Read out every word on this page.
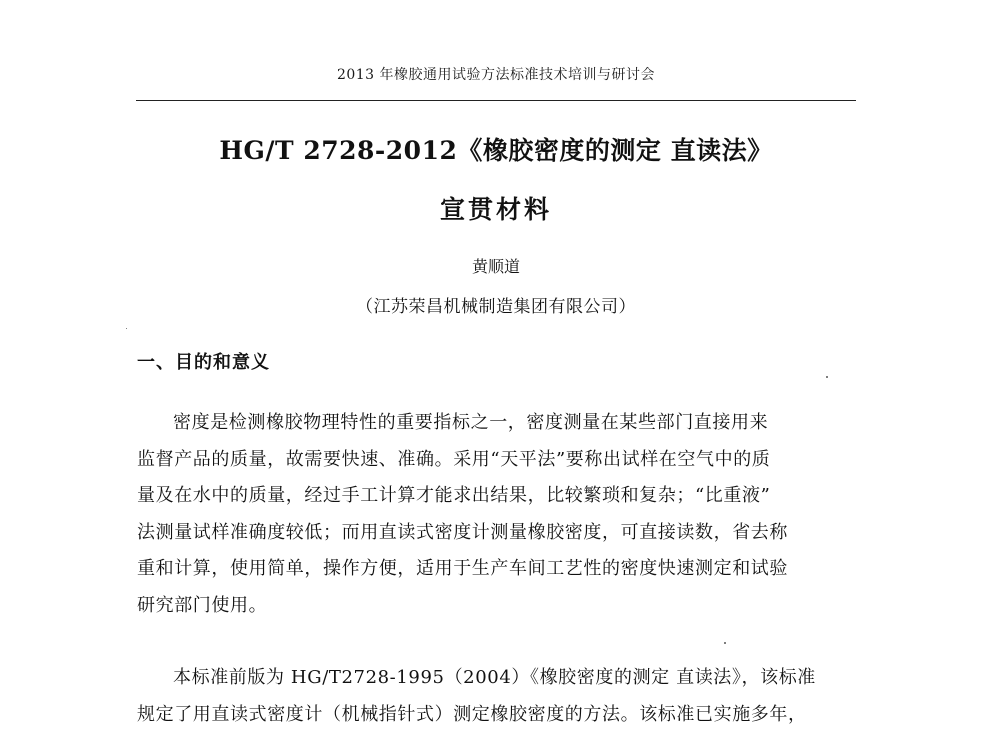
2013 年橡胶通用试验方法标准技术培训与研讨会
HG/T 2728-2012《橡胶密度的测定 直读法》
宣贯材料
黄顺道
（江苏荣昌机械制造集团有限公司）
一、目的和意义
密度是检测橡胶物理特性的重要指标之一，密度测量在某些部门直接用来
监督产品的质量，故需要快速、准确。采用“天平法”要称出试样在空气中的质
量及在水中的质量，经过手工计算才能求出结果，比较繁琐和复杂；“比重液”
法测量试样准确度较低；而用直读式密度计测量橡胶密度，可直接读数，省去称
重和计算，使用简单，操作方便，适用于生产车间工艺性的密度快速测定和试验
研究部门使用。
本标准前版为 HG/T2728-1995（2004）《橡胶密度的测定 直读法》，该标准
规定了用直读式密度计（机械指针式）测定橡胶密度的方法。该标准已实施多年，
